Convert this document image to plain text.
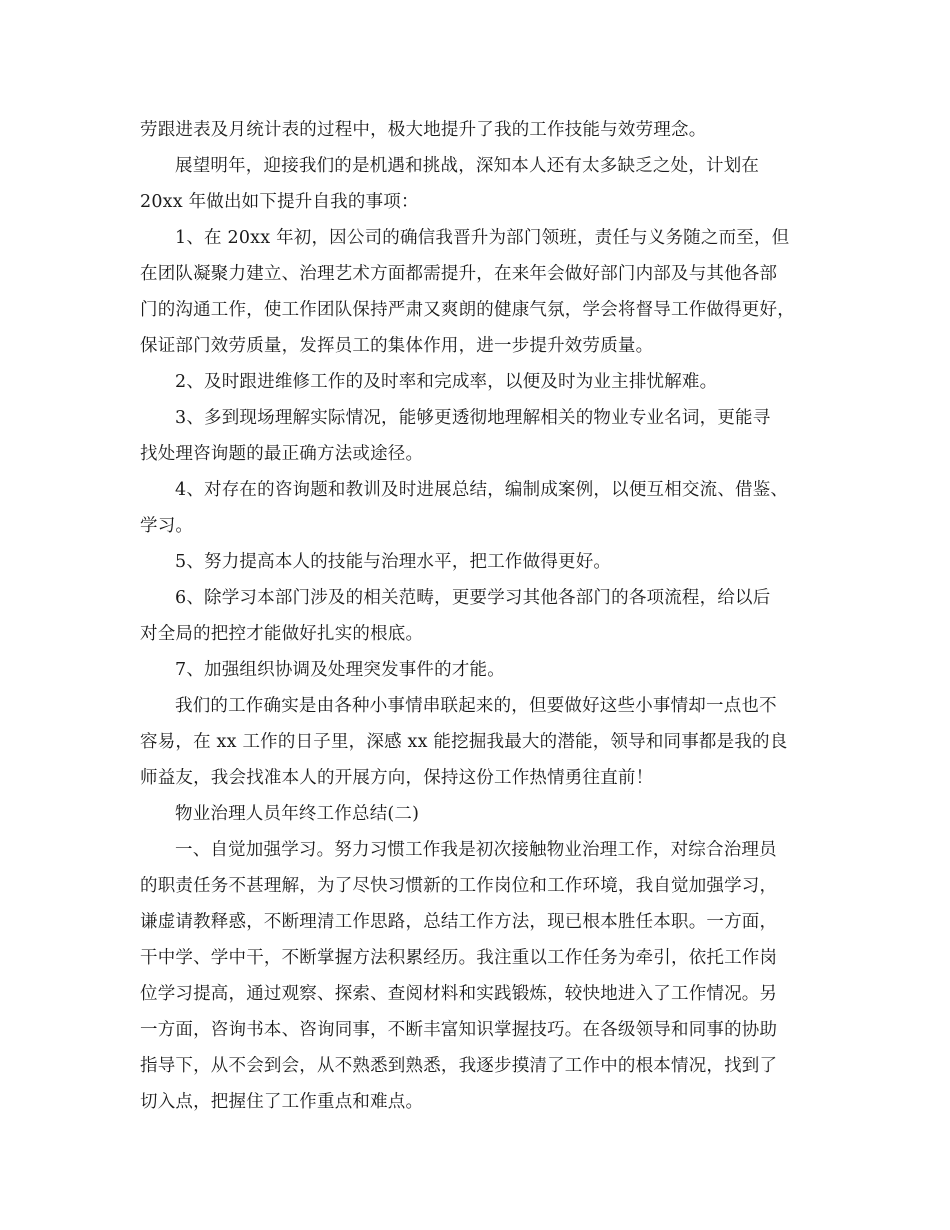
劳跟进表及月统计表的过程中，极大地提升了我的工作技能与效劳理念。
展望明年，迎接我们的是机遇和挑战，深知本人还有太多缺乏之处，计划在
20xx 年做出如下提升自我的事项：
1、在 20xx 年初，因公司的确信我晋升为部门领班，责任与义务随之而至，但
在团队凝聚力建立、治理艺术方面都需提升，在来年会做好部门内部及与其他各部
门的沟通工作，使工作团队保持严肃又爽朗的健康气氛，学会将督导工作做得更好，
保证部门效劳质量，发挥员工的集体作用，进一步提升效劳质量。
2、及时跟进维修工作的及时率和完成率，以便及时为业主排忧解难。
3、多到现场理解实际情况，能够更透彻地理解相关的物业专业名词，更能寻
找处理咨询题的最正确方法或途径。
4、对存在的咨询题和教训及时进展总结，编制成案例，以便互相交流、借鉴、
学习。
5、努力提高本人的技能与治理水平，把工作做得更好。
6、除学习本部门涉及的相关范畴，更要学习其他各部门的各项流程，给以后
对全局的把控才能做好扎实的根底。
7、加强组织协调及处理突发事件的才能。
我们的工作确实是由各种小事情串联起来的，但要做好这些小事情却一点也不
容易，在 xx 工作的日子里，深感 xx 能挖掘我最大的潜能，领导和同事都是我的良
师益友，我会找准本人的开展方向，保持这份工作热情勇往直前！
物业治理人员年终工作总结(二)
一、自觉加强学习。努力习惯工作我是初次接触物业治理工作，对综合治理员
的职责任务不甚理解，为了尽快习惯新的工作岗位和工作环境，我自觉加强学习，
谦虚请教释惑，不断理清工作思路，总结工作方法，现已根本胜任本职。一方面，
干中学、学中干，不断掌握方法积累经历。我注重以工作任务为牵引，依托工作岗
位学习提高，通过观察、探索、查阅材料和实践锻炼，较快地进入了工作情况。另
一方面，咨询书本、咨询同事，不断丰富知识掌握技巧。在各级领导和同事的协助
指导下，从不会到会，从不熟悉到熟悉，我逐步摸清了工作中的根本情况，找到了
切入点，把握住了工作重点和难点。
